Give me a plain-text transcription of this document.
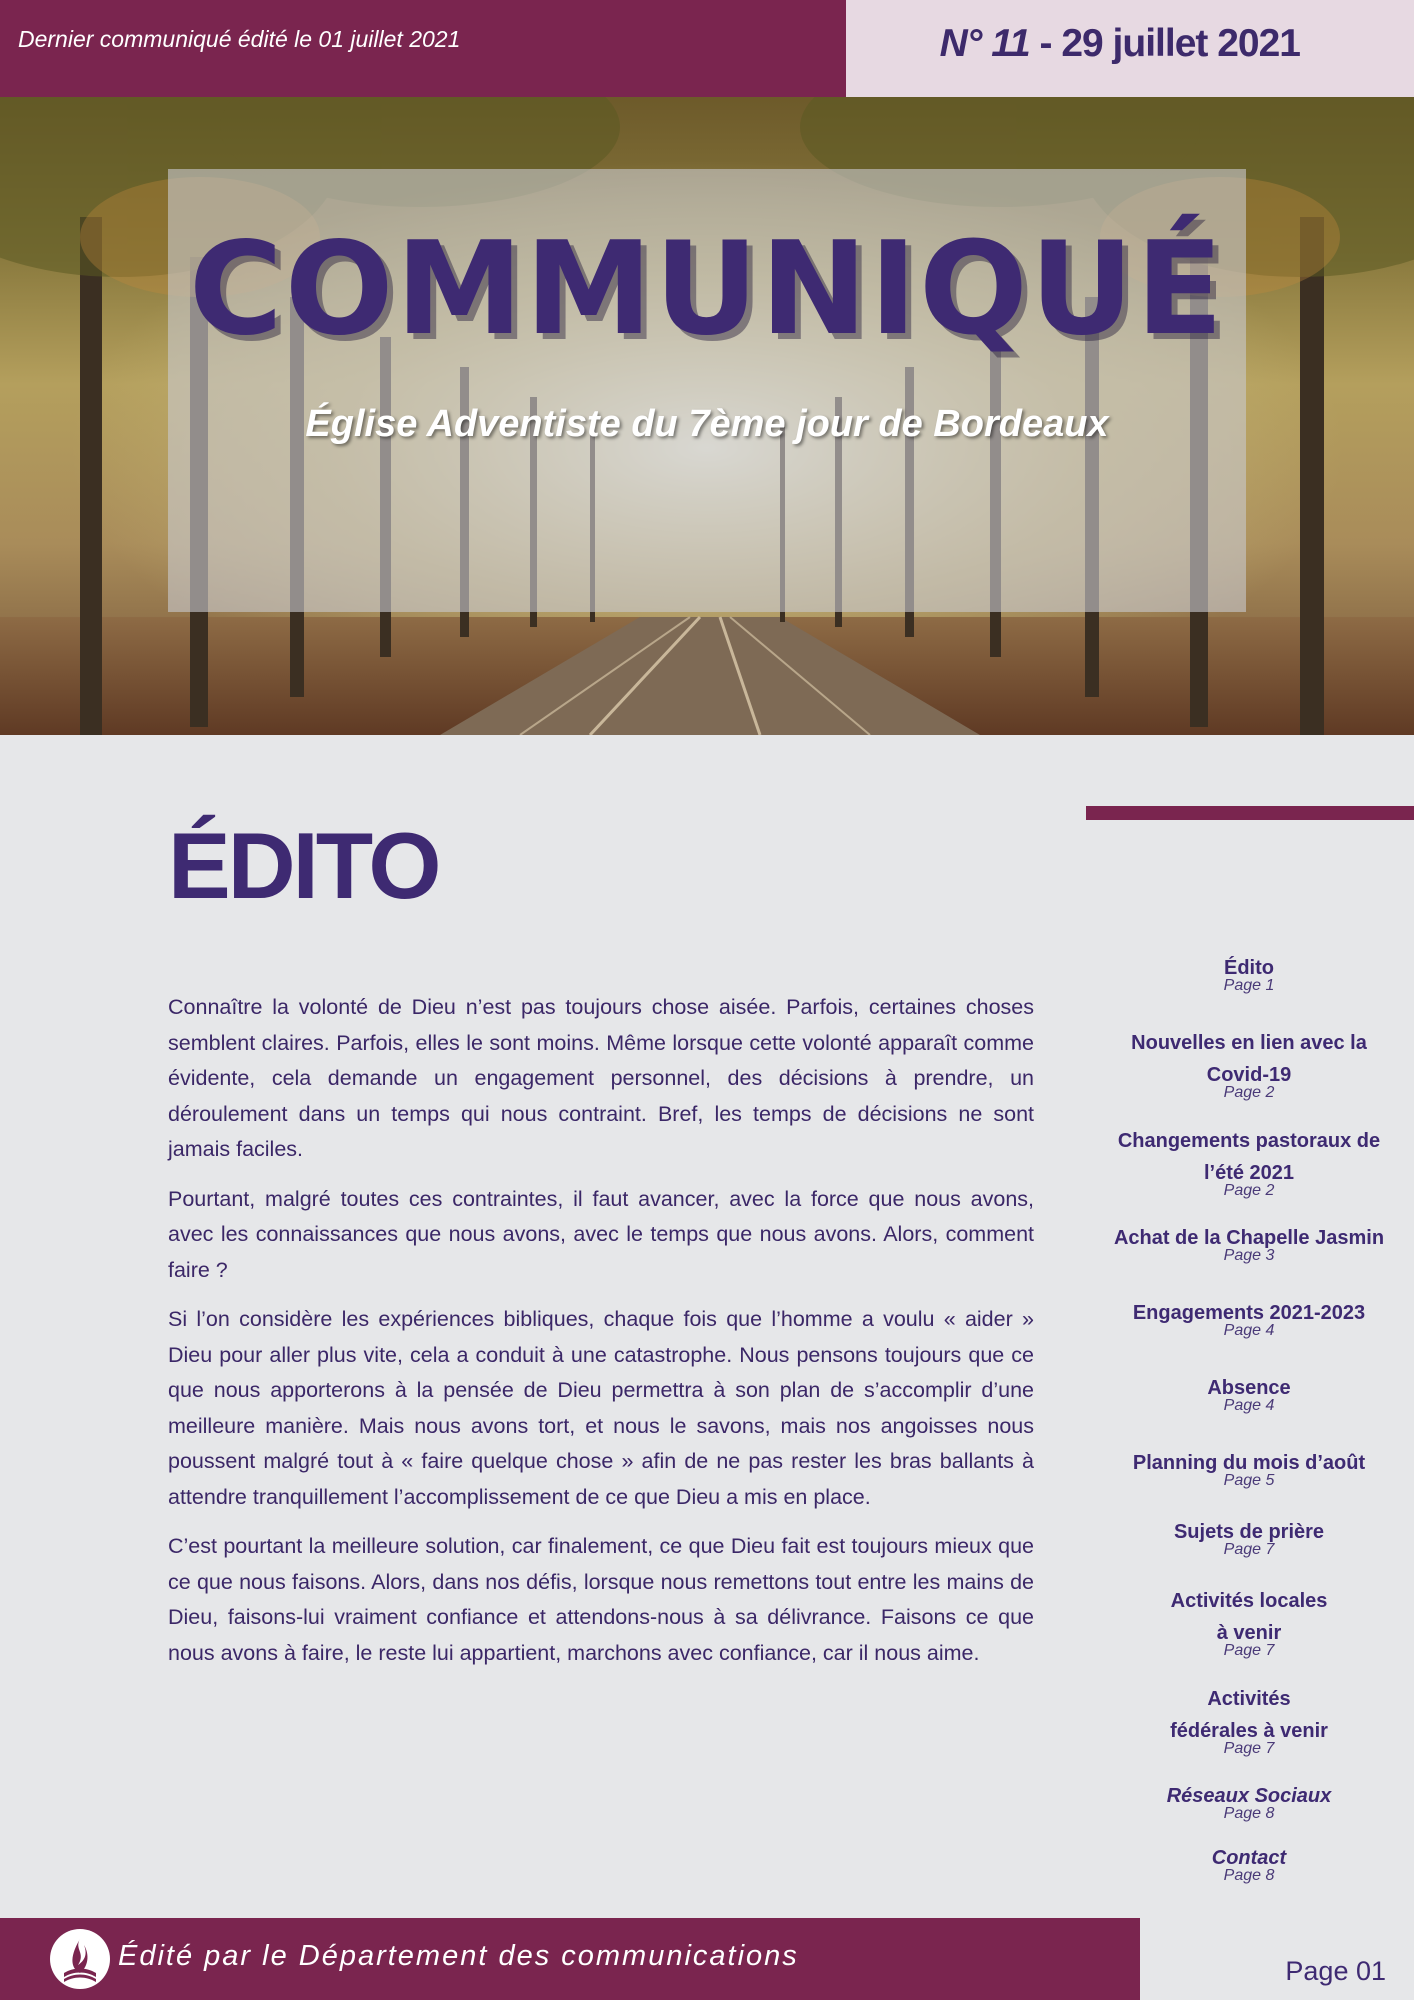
Dernier communiqué édité le 01 juillet 2021	N° 11 - 29 juillet 2021
COMMUNIQUÉ
Église Adventiste du 7ème jour de Bordeaux
ÉDITO

Connaître la volonté de Dieu n’est pas toujours chose aisée. Parfois, certaines choses semblent claires. Parfois, elles le sont moins. Même lorsque cette volonté apparaît comme évidente, cela demande un engagement personnel, des décisions à prendre, un déroulement dans un temps qui nous contraint. Bref, les temps de décisions ne sont jamais faciles.

Pourtant, malgré toutes ces contraintes, il faut avancer, avec la force que nous avons, avec les connaissances que nous avons, avec le temps que nous avons. Alors, comment faire ?

Si l’on considère les expériences bibliques, chaque fois que l’homme a voulu « aider » Dieu pour aller plus vite, cela a conduit à une catastrophe. Nous pensons toujours que ce que nous apporterons à la pensée de Dieu permettra à son plan de s’accomplir d’une meilleure manière. Mais nous avons tort, et nous le savons, mais nos angoisses nous poussent malgré tout à « faire quelque chose » afin de ne pas rester les bras ballants à attendre tranquillement l’accomplissement de ce que Dieu a mis en place.

C’est pourtant la meilleure solution, car finalement, ce que Dieu fait est toujours mieux que ce que nous faisons. Alors, dans nos défis, lorsque nous remettons tout entre les mains de Dieu, faisons-lui vraiment confiance et attendons-nous à sa délivrance. Faisons ce que nous avons à faire, le reste lui appartient, marchons avec confiance, car il nous aime.

Édito
Page 1
Nouvelles en lien avec la Covid-19
Page 2
Changements pastoraux de l’été 2021
Page 2
Achat de la Chapelle Jasmin
Page 3
Engagements 2021-2023
Page 4
Absence
Page 4
Planning du mois d’août
Page 5
Sujets de prière
Page 7
Activités locales à venir
Page 7
Activités fédérales à venir
Page 7
Réseaux Sociaux
Page 8
Contact
Page 8
Édité par le Département des communications	Page 01
